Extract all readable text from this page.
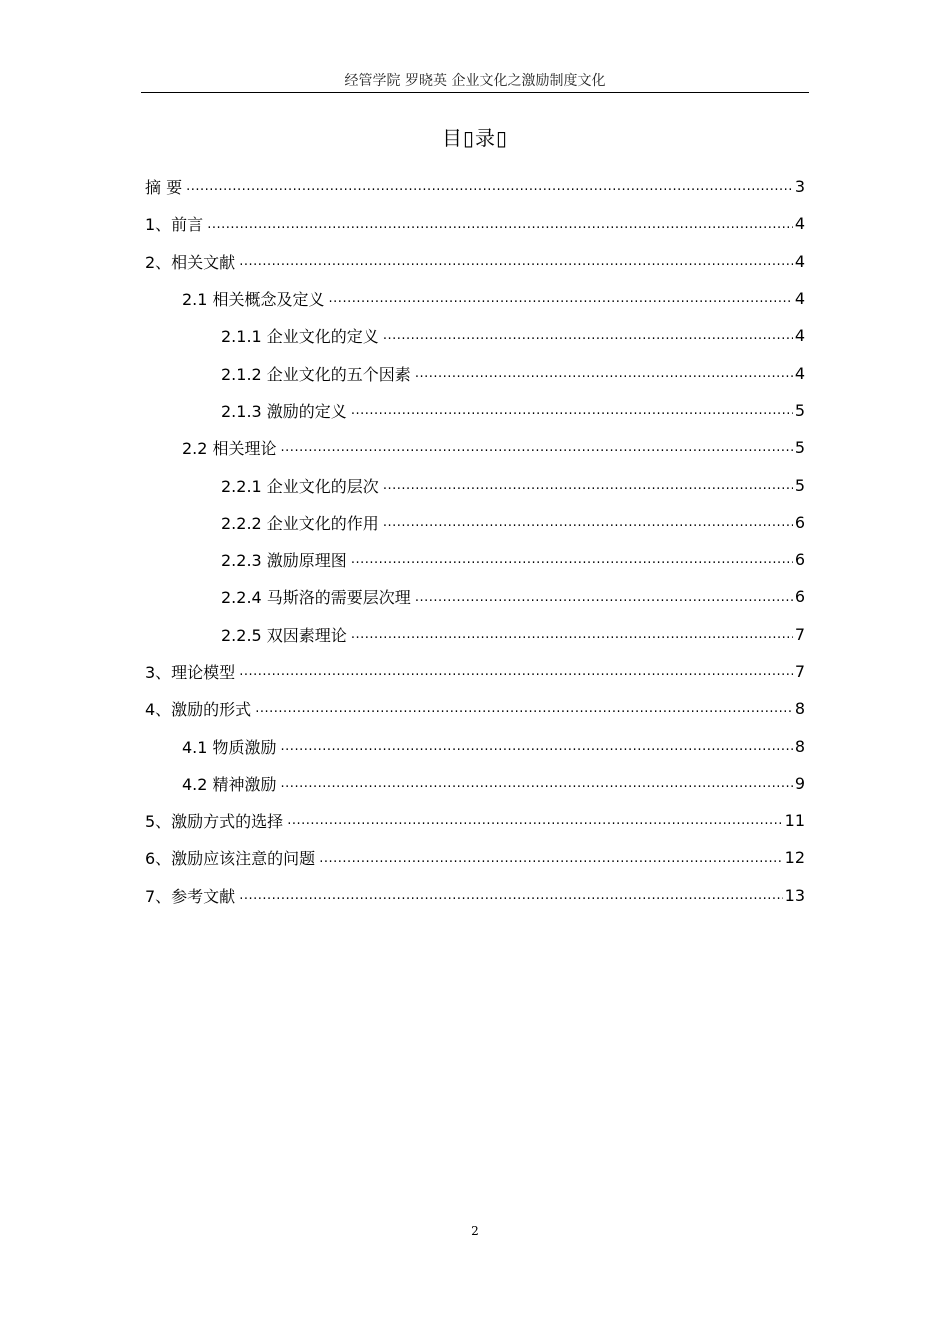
经管学院 罗晓英 企业文化之激励制度文化
目▯录▯
摘 要 .....	3
1、前言 .....	4
2、相关文献 .....	4
2.1 相关概念及定义 .....	4
2.1.1 企业文化的定义 .....	4
2.1.2 企业文化的五个因素 .....	4
2.1.3 激励的定义 .....	5
2.2 相关理论 .....	5
2.2.1 企业文化的层次 .....	5
2.2.2 企业文化的作用 .....	6
2.2.3 激励原理图 .....	6
2.2.4 马斯洛的需要层次理 .....	6
2.2.5 双因素理论 .....	7
3、理论模型 .....	7
4、激励的形式 .....	8
4.1 物质激励 .....	8
4.2 精神激励 .....	9
5、激励方式的选择 .....	11
6、激励应该注意的问题 .....	12
7、参考文献 .....	13
2
